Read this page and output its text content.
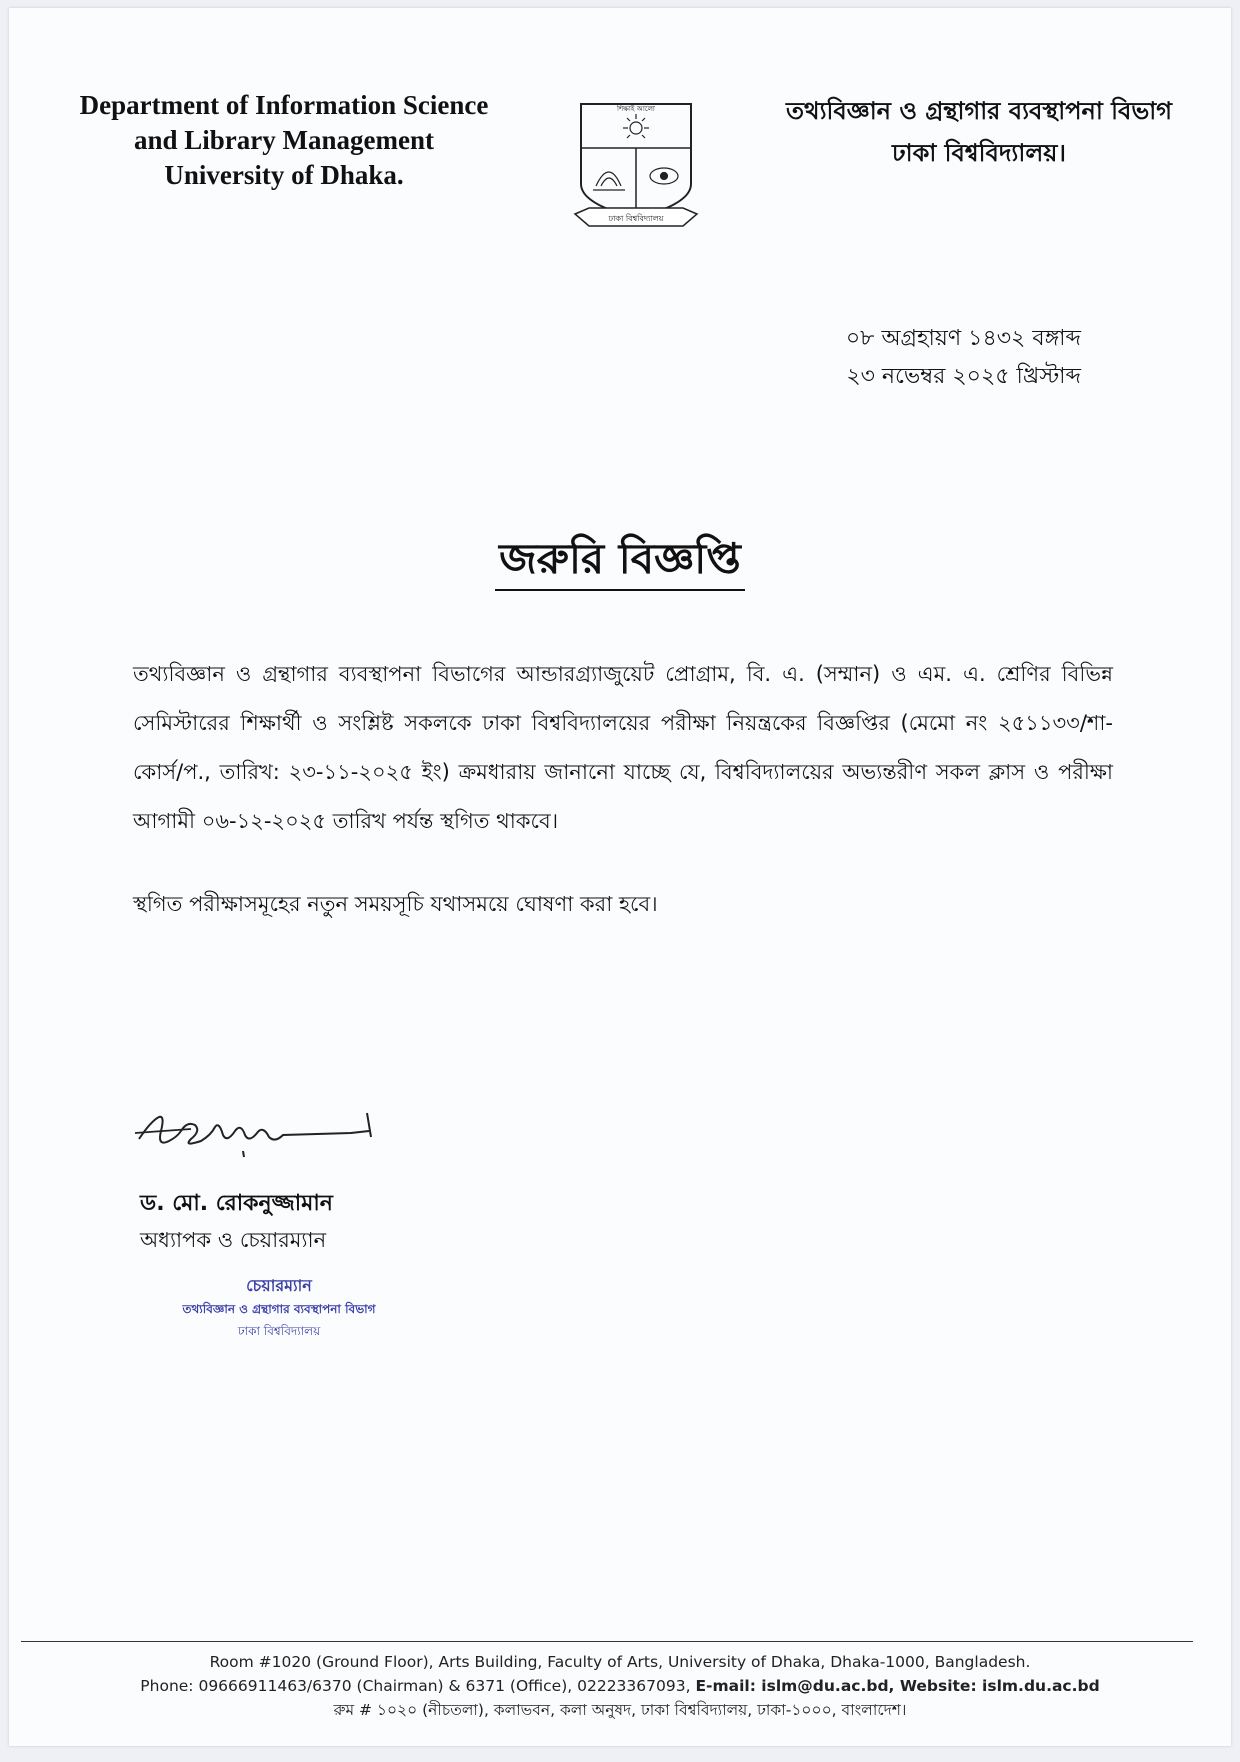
Department of Information Science
and Library Management
University of Dhaka.
শিক্ষাই আলো
ঢাকা বিশ্ববিদ্যালয়
তথ্যবিজ্ঞান ও গ্রন্থাগার ব্যবস্থাপনা বিভাগ
ঢাকা বিশ্ববিদ্যালয়।
০৮ অগ্রহায়ণ ১৪৩২ বঙ্গাব্দ
২৩ নভেম্বর ২০২৫ খ্রিস্টাব্দ
জরুরি বিজ্ঞপ্তি

তথ্যবিজ্ঞান ও গ্রন্থাগার ব্যবস্থাপনা বিভাগের আন্ডারগ্র্যাজুয়েট প্রোগ্রাম, বি. এ. (সম্মান) ও এম. এ. শ্রেণির বিভিন্ন সেমিস্টারের শিক্ষার্থী ও সংশ্লিষ্ট সকলকে ঢাকা বিশ্ববিদ্যালয়ের পরীক্ষা নিয়ন্ত্রকের বিজ্ঞপ্তির (মেমো নং ২৫১১৩৩/শা-কোর্স/প., তারিখ: ২৩-১১-২০২৫ ইং) ক্রমধারায় জানানো যাচ্ছে যে, বিশ্ববিদ্যালয়ের অভ্যন্তরীণ সকল ক্লাস ও পরীক্ষা আগামী ০৬-১২-২০২৫ তারিখ পর্যন্ত স্থগিত থাকবে।

স্থগিত পরীক্ষাসমূহের নতুন সময়সূচি যথাসময়ে ঘোষণা করা হবে।

ড. মো. রোকনুজ্জামান
অধ্যাপক ও চেয়ারম্যান
চেয়ারম্যান
তথ্যবিজ্ঞান ও গ্রন্থাগার ব্যবস্থাপনা বিভাগ
ঢাকা বিশ্ববিদ্যালয়
Room #1020 (Ground Floor), Arts Building, Faculty of Arts, University of Dhaka, Dhaka-1000, Bangladesh.
Phone: 09666911463/6370 (Chairman) & 6371 (Office), 02223367093, E-mail: islm@du.ac.bd, Website: islm.du.ac.bd
রুম # ১০২০ (নীচতলা), কলাভবন, কলা অনুষদ, ঢাকা বিশ্ববিদ্যালয়, ঢাকা-১০০০, বাংলাদেশ।
